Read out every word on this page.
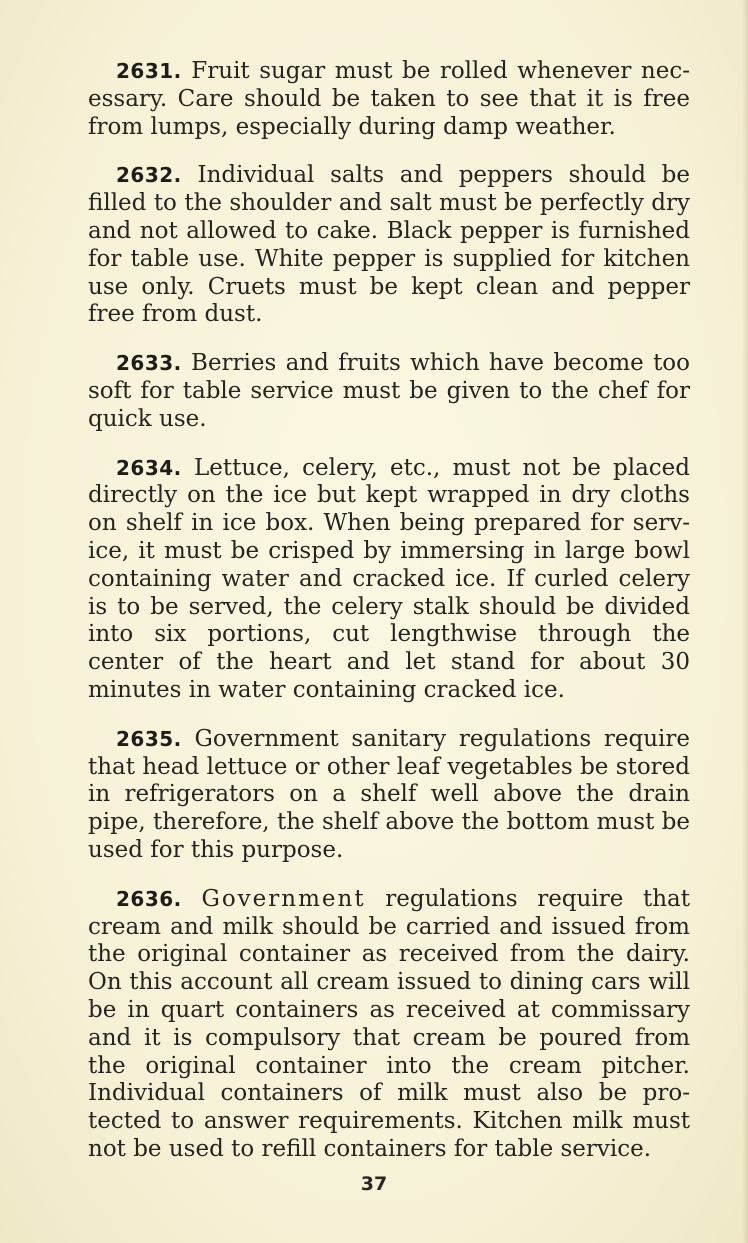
2631. Fruit sugar must be rolled whenever necessary. Care should be taken to see that it is free from lumps, especially during damp weather.

2632. Individual salts and peppers should be filled to the shoulder and salt must be perfectly dry and not allowed to cake. Black pepper is furnished for table use. White pepper is supplied for kitchen use only. Cruets must be kept clean and pepper free from dust.

2633. Berries and fruits which have become too soft for table service must be given to the chef for quick use.

2634. Lettuce, celery, etc., must not be placed directly on the ice but kept wrapped in dry cloths on shelf in ice box. When being prepared for service, it must be crisped by immersing in large bowl containing water and cracked ice. If curled celery is to be served, the celery stalk should be divided into six portions, cut lengthwise through the center of the heart and let stand for about 30 minutes in water containing cracked ice.

2635. Government sanitary regulations require that head lettuce or other leaf vegetables be stored in refrigerators on a shelf well above the drain pipe, therefore, the shelf above the bottom must be used for this purpose.

2636. Government regulations require that cream and milk should be carried and issued from the original container as received from the dairy. On this account all cream issued to dining cars will be in quart containers as received at commissary and it is compulsory that cream be poured from the original container into the cream pitcher. Individual containers of milk must also be protected to answer requirements. Kitchen milk must not be used to refill containers for table service.

37
